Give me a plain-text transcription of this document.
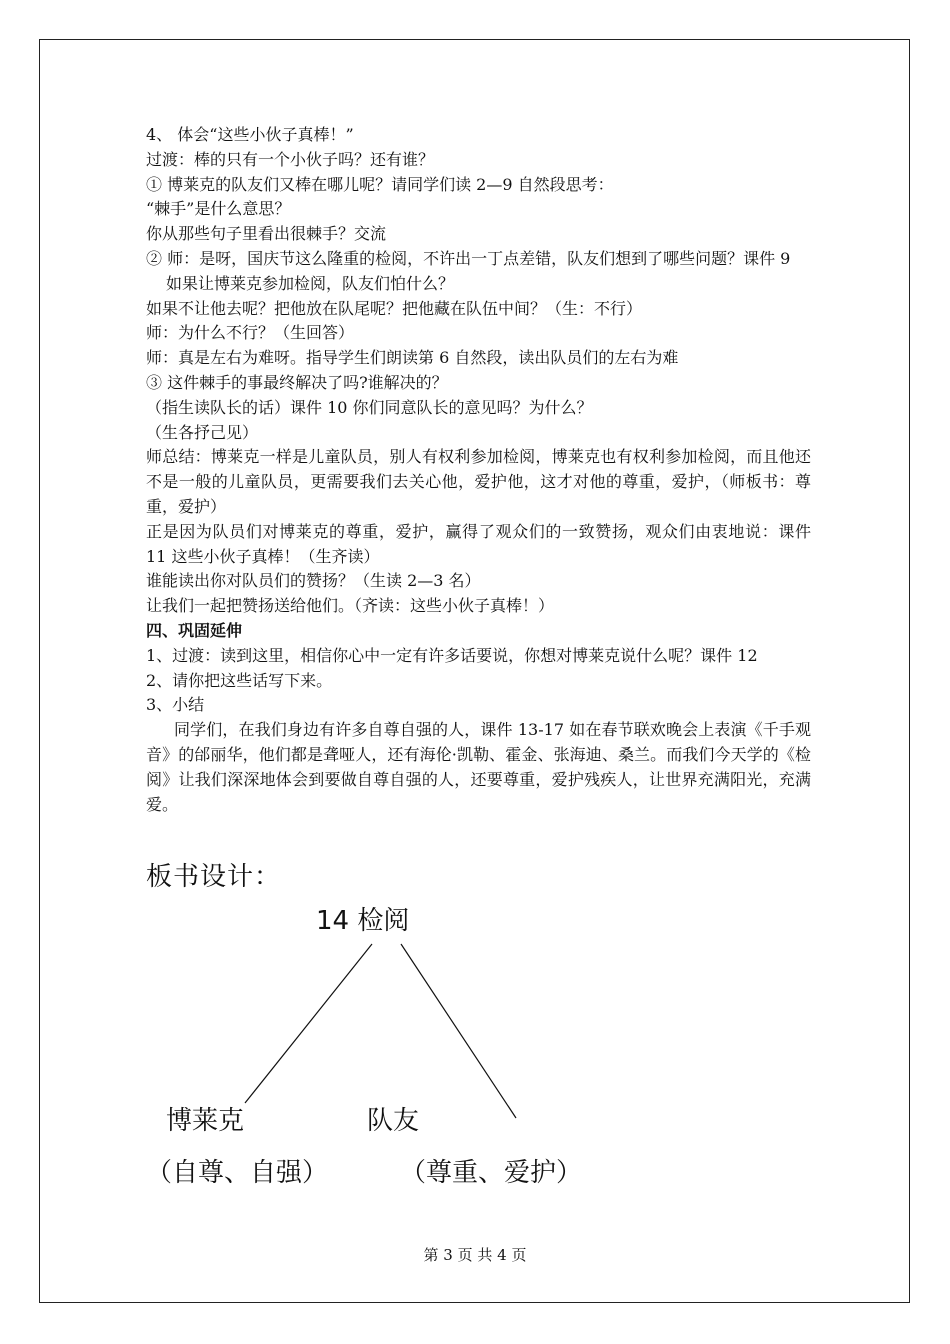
4、 体会“这些小伙子真棒！”
过渡：棒的只有一个小伙子吗？还有谁？
① 博莱克的队友们又棒在哪儿呢？请同学们读 2—9 自然段思考：
“棘手”是什么意思？
你从那些句子里看出很棘手？交流
② 师：是呀，国庆节这么隆重的检阅，不许出一丁点差错，队友们想到了哪些问题？课件 9 如果让博莱克参加检阅，队友们怕什么？
如果不让他去呢？把他放在队尾呢？把他藏在队伍中间？（生：不行）
师：为什么不行？（生回答）
师：真是左右为难呀。指导学生们朗读第 6 自然段，读出队员们的左右为难
③ 这件棘手的事最终解决了吗?谁解决的？
（指生读队长的话）课件 10 你们同意队长的意见吗？为什么？
（生各抒己见）
师总结：博莱克一样是儿童队员，别人有权利参加检阅，博莱克也有权利参加检阅，而且他还不是一般的儿童队员，更需要我们去关心他，爱护他，这才对他的尊重，爱护，（师板书：尊重，爱护）
正是因为队员们对博莱克的尊重，爱护，赢得了观众们的一致赞扬，观众们由衷地说：课件 11 这些小伙子真棒！（生齐读）
谁能读出你对队员们的赞扬？（生读 2—3 名）
让我们一起把赞扬送给他们。（齐读：这些小伙子真棒！）
四、巩固延伸
1、过渡：读到这里，相信你心中一定有许多话要说，你想对博莱克说什么呢？课件 12
2、请你把这些话写下来。
3、小结
同学们，在我们身边有许多自尊自强的人，课件 13-17 如在春节联欢晚会上表演《千手观音》的邰丽华，他们都是聋哑人，还有海伦·凯勒、霍金、张海迪、桑兰。而我们今天学的《检阅》让我们深深地体会到要做自尊自强的人，还要尊重，爱护残疾人，让世界充满阳光，充满爱。
板书设计：
14 检阅
博莱克	队友
（自尊、自强）	（尊重、爱护）
第 3 页 共 4 页
